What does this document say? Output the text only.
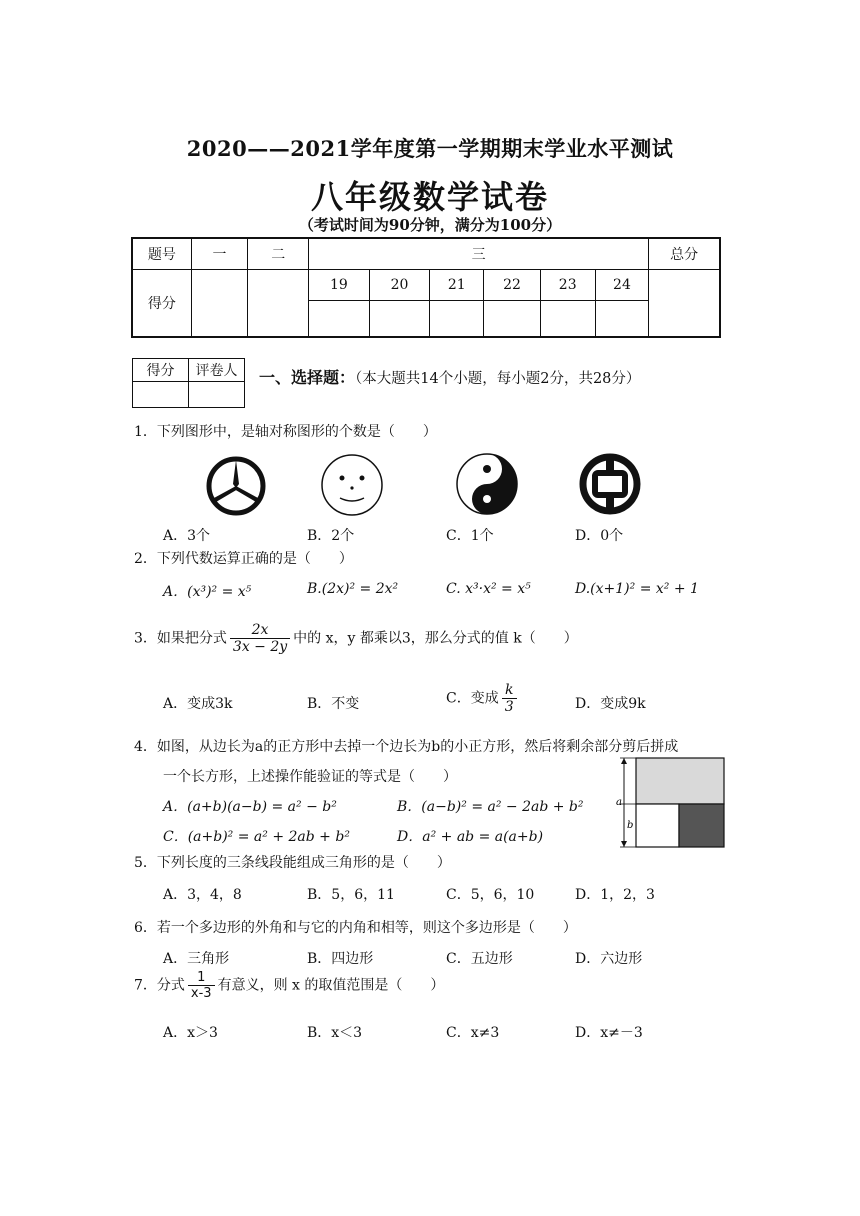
2020——2021学年度第一学期期末学业水平测试
八年级数学试卷
（考试时间为90分钟，满分为100分）
题号	一	二	三						总分
得分			19	20	21	22	23	24	

得分	评卷人
	一、选择题：（本大题共14个小题，每小题2分，共28分）
1．下列图形中，是轴对称图形的个数是（　　）
A．3个	B．2个	C．1个	D．0个
2．下列代数运算正确的是（　　）
A．(x³)² = x⁵	B.(2x)² = 2x²	C. x³·x² = x⁵	D.(x+1)² = x² + 1
3．如果把分式 $\frac{2x}{3x - 2y}$ 中的 x，y 都乘以3，那么分式的值 k（　　）
A．变成3k	B．不变	C．变成 $\frac{k}{3}$	D．变成9k
4．如图，从边长为a的正方形中去掉一个边长为b的小正方形，然后将剩余部分剪后拼成
一个长方形，上述操作能验证的等式是（　　）
A．(a+b)(a−b) = a² − b²	B．(a−b)² = a² − 2ab + b²
C．(a+b)² = a² + 2ab + b²	D．a² + ab = a(a+b)
a
b
5．下列长度的三条线段能组成三角形的是（　　）
A．3，4，8	B．5，6，11	C．5，6，10	D．1，2，3
6．若一个多边形的外角和与它的内角和相等，则这个多边形是（　　）
A．三角形	B．四边形	C．五边形	D．六边形
7．分式 $\frac{1}{x-3}$ 有意义，则 x 的取值范围是（　　）
A．x＞3	B．x＜3	C．x≠3	D．x≠－3
